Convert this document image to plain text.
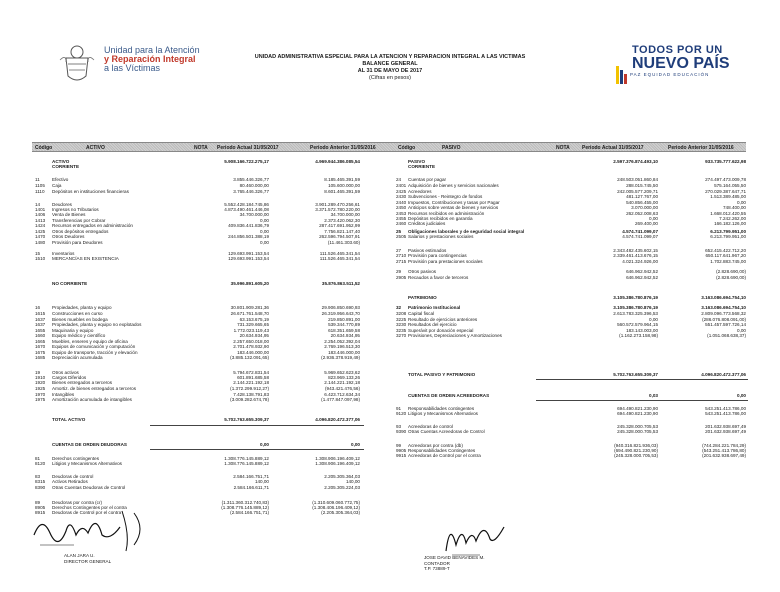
Unidad para la Atención
y Reparación Integral
a las Víctimas
UNIDAD ADMINISTRATIVA ESPECIAL PARA LA ATENCION Y REPARACION INTEGRAL A LAS VICTIMAS
BALANCE GENERAL
AL 31 DE MAYO DE 2017
(Cifras en pesos)
TODOS POR UN
NUEVO PAÍS
PAZ EQUIDAD EDUCACIÓN
Código	ACTIVO	NOTA Periodo Actual 31/05/2017	Periodo Anterior 31/05/2016	Código	PASIVO	NOTA Periodo Actual 31/05/2017	Periodo Anterior 31/05/2016
ACTIVO	5.908.166.722.275,17	4.969.944.386.085,54
CORRIENTE
11	Efectivo	3.855.446.326,77	8.185.465.391,59
1105 Caja	80.460.000,00	105.600.000,00
1110 Depósitos en instituciones financieras	3.765.446.326,77	8.601.465.391,59
14	Deudores	5.552.428.184.745,86	3.901.289.470.256,61
1401 Ingresos no Tributarios	4.873.490.461.446,08	3.371.572.780.220,00
1406 Venta de Bienes	34.700.000,00	34.700.000,00
1413 Transferencias por Cobrar	0,00	2.373.420.062,30
1424 Recursos entregados en administración	409.836.441.836,79	287.417.691.952,99
1425 Otros depósitos entregados	0,00	7.756.821.147,40
1470 Otros Deudores	244.856.501.388,19	262.596.794.507,91
1480 Provisión para Deudores	0,00	(11.461.303.60)
15	Inventarios	129.693.991.153,54	111.526.465.341,54
1510 MERCANCÍAS EN EXISTENCIA	129.693.991.153,54	111.526.465.341,54
NO CORRIENTE	35.996.891.605,20	35.876.863.511,52
16	Propiedades, planta y equipo	30.801.909.281,36	29.906.850.690,93
1615 Construcciones en curso	26.671.761.548,70	26.319.956.643,70
1637 Bienes muebles en bodega	63.153.675,19	219.850.891,00
1637 Propiedades, planta y equipo no explotados	731.329.665,65	539.344.770,89
1655 Maquinaria y equipo	1.772.023.119,43	618.351.659,58
1660 Equipo médico y científico	20.634.934,95	20.634.934,95
1665 Muebles, enseres y equipo de oficina	2.257.650.018,00	2.254.052.392,04
1670 Equipos de comunicación y computación	2.701.478.932,90	2.769.196.513,30
1675 Equipo de transporte, tracción y elevación	183.446.000,00	183.446.000,00
1685 Depreciación acumulada	(3.885.132.091,65)	(2.936.378.919,49)
19	Otros activos	5.794.672.831,54	5.969.652.623,62
1910 Cargos Diferidos	601.891.685,58	823.969.133,26
1920 Bienes entregados a terceros	2.144.221.192,18	2.144.221.192,18
1925 Amortiz. de bienes entregados a terceros	(1.372.299.912,27)	(943.421.476,56)
1970 Intangibles	7.428.138.791,83	6.423.712.634,34
1975 Amortización acumulada de intangibles	(3.009.282.674,78)	(1.477.847.097,98)
TOTAL ACTIVO	5.702.763.655.309,37	4.096.820.472.377,06
CUENTAS DE ORDEN DEUDORAS	0,00	0,00
81	Derechos contingentes	1.308.776.145.889,12	1.308.906.196.409,12
8120 Litigios y Mecanismos Alternativos	1.308.776.145.889,12	1.308.906.196.409,12
83	Deudoras de control	2.584.166.751,71	2.205.305.364,03
8315 Activos Retirados	140,00	140,00
8390 Otras Cuentas Deudoras de Control	2.584.166.611,71	2.205.305.224,03
89	Deudoras por contra (cr)	(1.311.360.312.740,83)	(1.310.609.060.772,75)
8905 Derechos Contingentes por el contra	(1.308.776.145.889,12)	(1.308.406.196.409,12)
8915 Deudoras de Control por el contra	(2.584.166.751,71)	(2.205.305.364,03)
PASIVO	2.597.376.874.493,10	933.735.777.622,98
CORRIENTE
24 Cuentas por pagar	248.503.051.860,84	274.497.473.009,78
2401 Adquisición de bienes y servicios nacionales	288.015.745,50	575.164.055,50
2425 Acreedores	242.005.577.209,71	270.029.387.647,71
2430 Subvenciones - Reintegro de fondos	481.127.767,00	1.513.389.485,00
2440 Impuestos, Contribuciones y tasas por Pagar	540.856.455,00	0,00
2450 Anticipos sobre ventas de bienes y servicios	3.070.000,00	748.400,00
2453 Recursos recibidos en administración	262.052.008,63	1.668.012.420,55
2455 Depósitos recibidos en garantía	0,00	7.242.262,00
2460 Créditos judiciales	269.400,00	166.182.126,00
25 Obligaciones laborales y de seguridad social integral	4.574.741.099,07	6.213.799.951,00
2505 Salarios y prestaciones sociales	4.574.741.099,07	6.213.799.951,00
27 Pasivos estimados	2.343.482.435.602,15	652.415.422.712,20
2710 Provisión para contingencias	2.339.461.413.676,15	650.117.641.967,20
2715 Provisión para prestaciones sociales	4.021.324.926,00	1.702.883.745,00
29 Otros pasivos	646.962.942,52	(2.828.690,00)
2905 Recaudos a favor de terceros	646.962.942,52	(2.828.690,00)
PATRIMONIO	3.105.386.780.876,19	3.163.086.694.754,10
32 Patrimonio Institucional	3.105.386.780.876,19	3.163.086.694.754,10
3208 Capital fiscal	2.613.783.325.396,53	2.809.096.773.568,32
3225 Resultado de ejercicios anteriores	0,00	(286.076.808.091,00)
3230 Resultados del ejercicio	560.572.579.964,15	551.457.597.726,14
3235 Superávit por donación especial	183.143.003,00	0,00
3270 Provisiones, Depreciaciones y Amortizaciones	(1.162.273.158,98)	(1.051.068.638,37)
TOTAL PASIVO Y PATRIMONIO	5.702.763.655.309,37	4.096.820.472.377,06
CUENTAS DE ORDEN ACREEDORAS	0,03	0,00
91 Responsabilidades contingentes	694.490.821.230,90	543.251.413.786,00
9120 Litigios y Mecanismos Alternativos	694.490.821.230,90	543.251.413.786,00
93 Acreedoras de control	245.328.000.705,53	201.632.938.697,49
9390 Otras Cuentas Acreedoras de Control	245.328.000.705,53	201.632.938.697,49
99 Acreedoras por contra (db)	(940.316.821.936,03)	(744.284.221.784,29)
9905 Responsabilidades Contingentes	(694.490.821.230,90)	(543.251.413.786,80)
9915 Acreedoras de Control por el contra	(245.328.000.705,53)	(201.632.938.697,49)
ALAN JARA U.
DIRECTOR GENERAL
JOSE DAVID BENAVIDES M.
CONTADOR
T.P. 73889-T
